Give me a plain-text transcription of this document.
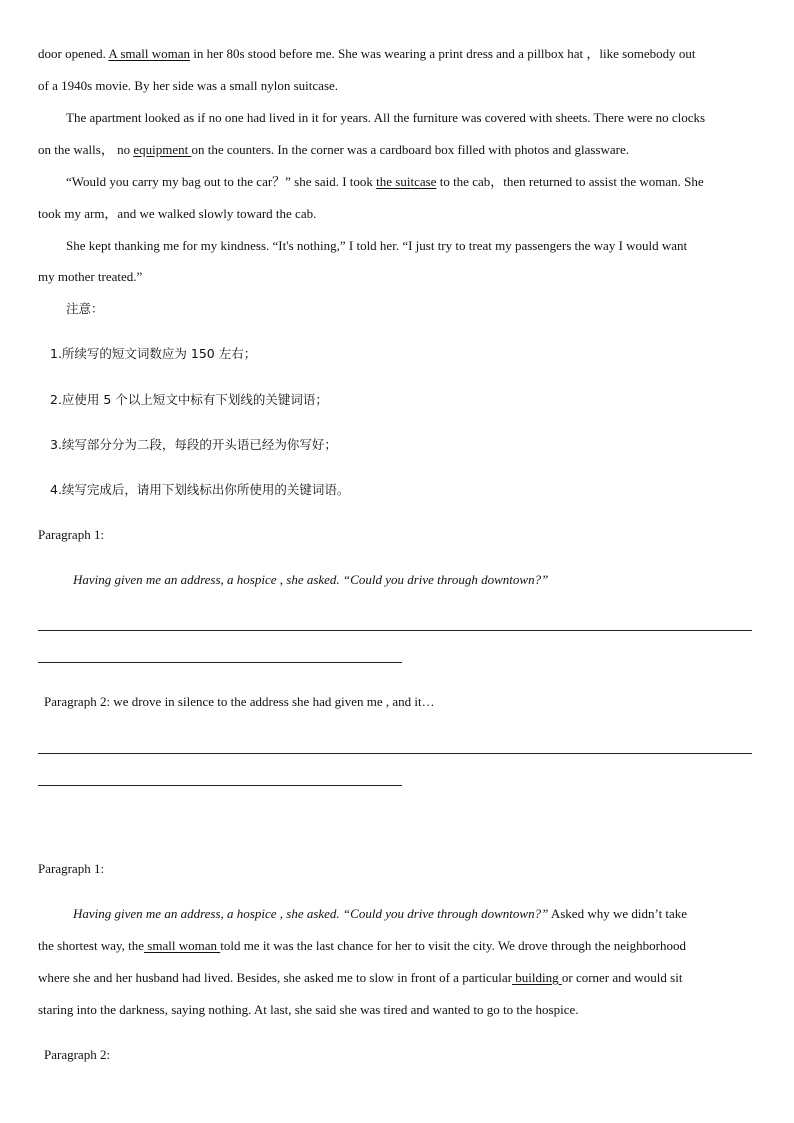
door opened. A small woman in her 80s stood before me. She was wearing a print dress and a pillbox hat ，like somebody out
of a 1940s movie. By her side was a small nylon suitcase.
The apartment looked as if no one had lived in it for years. All the furniture was covered with sheets. There were no clocks
on the walls， no equipment on the counters. In the corner was a cardboard box filled with photos and glassware.
“Would you carry my bag out to the car？” she said. I took the suitcase to the cab，then returned to assist the woman. She
took my arm，and we walked slowly toward the cab.
She kept thanking me for my kindness. “It's nothing,” I told her. “I just try to treat my passengers the way I would want
my mother treated.”
注意：
1.所续写的短文词数应为 150 左右；
2.应使用 5 个以上短文中标有下划线的关键词语；
3.续写部分分为二段，每段的开头语已经为你写好；
4.续写完成后，请用下划线标出你所使用的关键词语。
Paragraph 1:
Having given me an address, a hospice , she asked. “Could you drive through downtown?”
Paragraph 2: we drove in silence to the address she had given me , and it…
Paragraph 1:
Having given me an address, a hospice , she asked. “Could you drive through downtown?” Asked why we didn’t take
the shortest way, the small woman told me it was the last chance for her to visit the city. We drove through the neighborhood
where she and her husband had lived. Besides, she asked me to slow in front of a particular building or corner and would sit
staring into the darkness, saying nothing. At last, she said she was tired and wanted to go to the hospice.
Paragraph 2:
